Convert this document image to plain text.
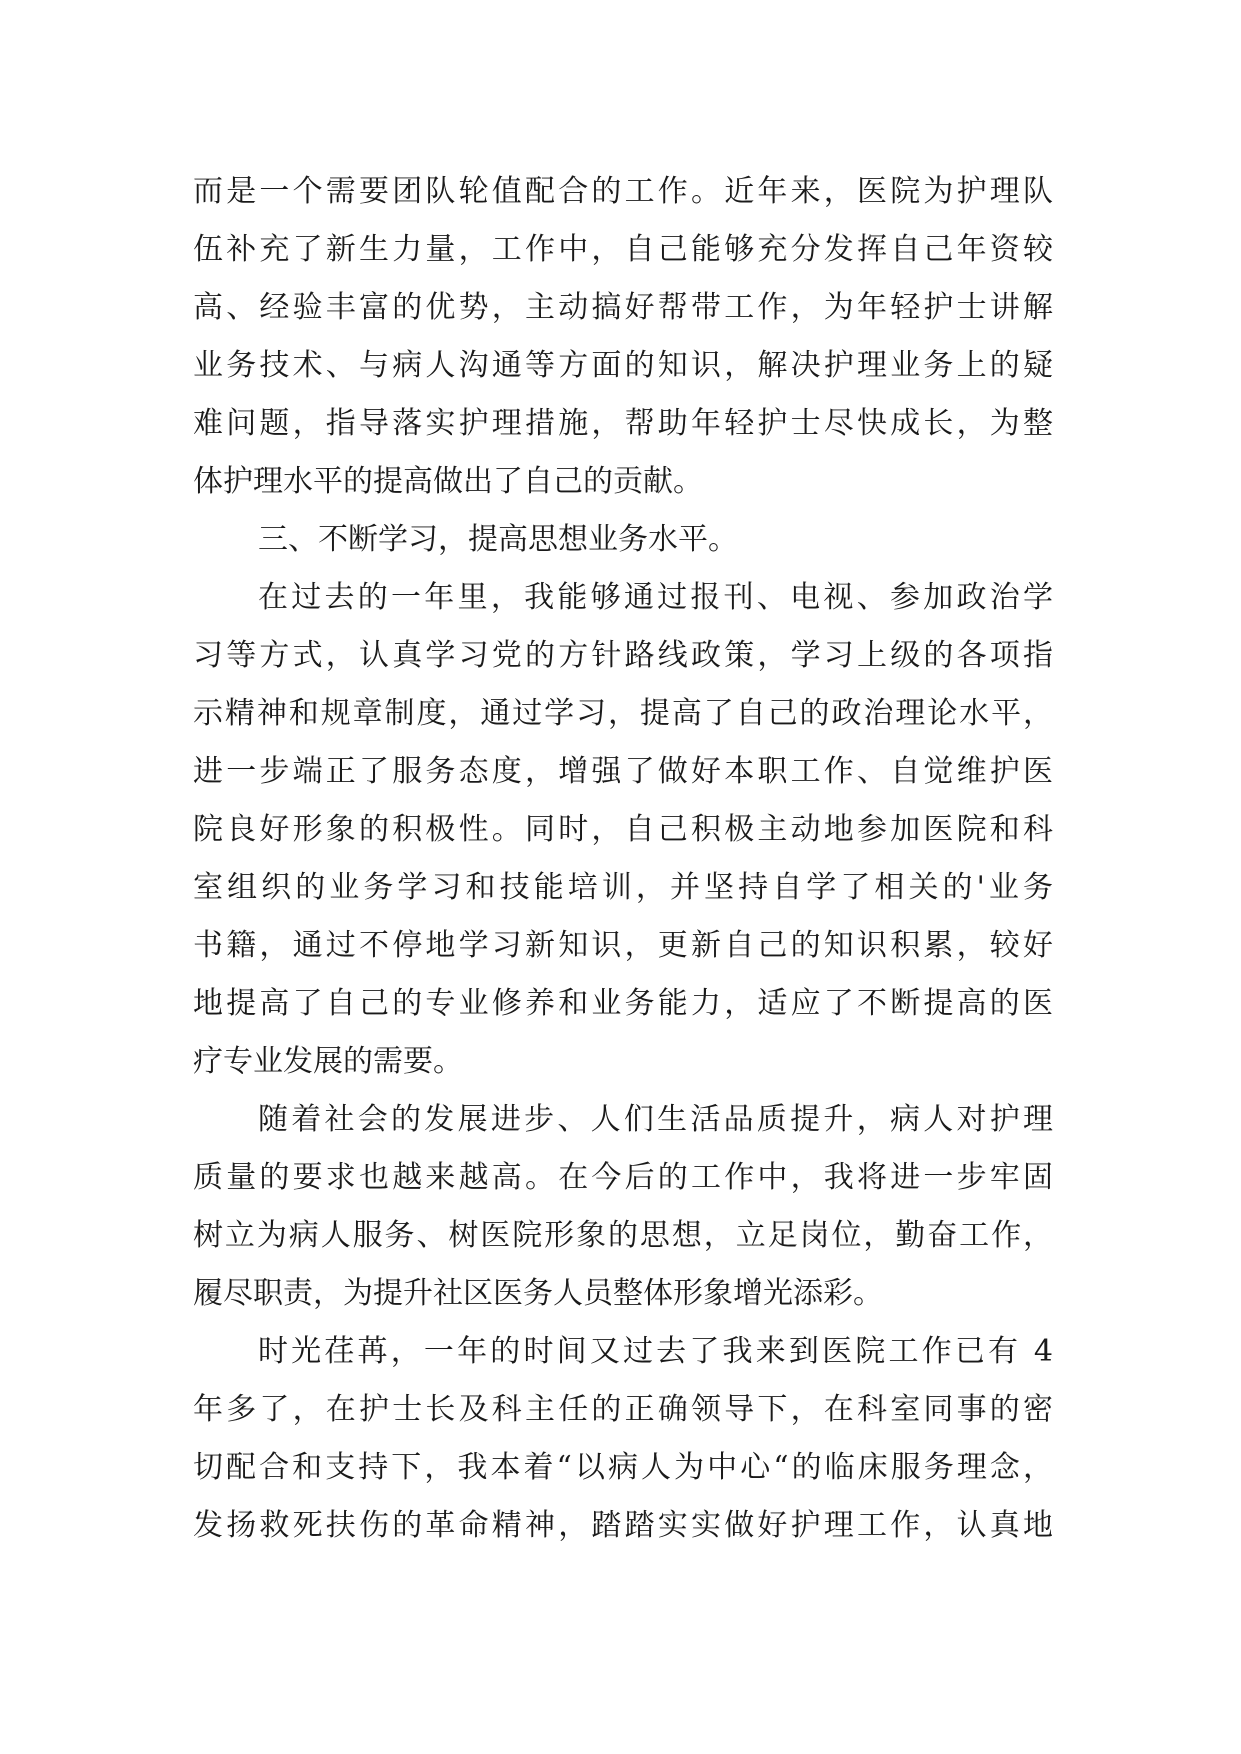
而是一个需要团队轮值配合的工作。近年来，医院为护理队
伍补充了新生力量，工作中，自己能够充分发挥自己年资较
高、经验丰富的优势，主动搞好帮带工作，为年轻护士讲解
业务技术、与病人沟通等方面的知识，解决护理业务上的疑
难问题，指导落实护理措施，帮助年轻护士尽快成长，为整
体护理水平的提高做出了自己的贡献。
三、不断学习，提高思想业务水平。
在过去的一年里，我能够通过报刊、电视、参加政治学
习等方式，认真学习党的方针路线政策，学习上级的各项指
示精神和规章制度，通过学习，提高了自己的政治理论水平，
进一步端正了服务态度，增强了做好本职工作、自觉维护医
院良好形象的积极性。同时，自己积极主动地参加医院和科
室组织的业务学习和技能培训，并坚持自学了相关的'业务
书籍，通过不停地学习新知识，更新自己的知识积累，较好
地提高了自己的专业修养和业务能力，适应了不断提高的医
疗专业发展的需要。
随着社会的发展进步、人们生活品质提升，病人对护理
质量的要求也越来越高。在今后的工作中，我将进一步牢固
树立为病人服务、树医院形象的思想，立足岗位，勤奋工作，
履尽职责，为提升社区医务人员整体形象增光添彩。
时光荏苒，一年的时间又过去了我来到医院工作已有 4
年多了，在护士长及科主任的正确领导下，在科室同事的密
切配合和支持下，我本着“以病人为中心“的临床服务理念，
发扬救死扶伤的革命精神，踏踏实实做好护理工作，认真地
